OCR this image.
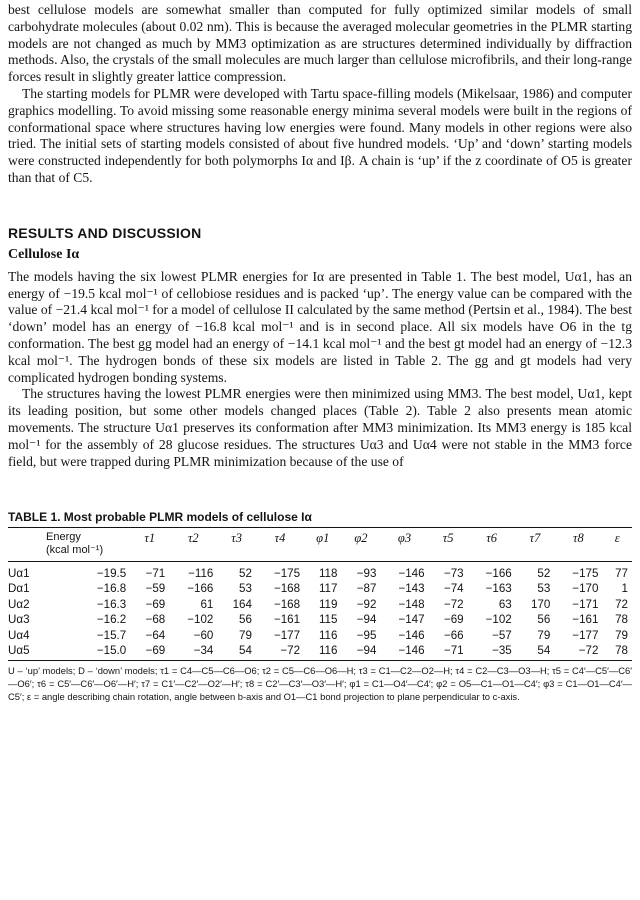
best cellulose models are somewhat smaller than computed for fully optimized similar models of small carbohydrate molecules (about 0.02 nm). This is because the averaged molecular geometries in the PLMR starting models are not changed as much by MM3 optimization as are structures determined individually by diffraction methods. Also, the crystals of the small molecules are much larger than cellulose microfibrils, and their long-range forces result in slightly greater lattice compression.

The starting models for PLMR were developed with Tartu space-filling models (Mikelsaar, 1986) and computer graphics modelling. To avoid missing some reasonable energy minima several models were built in the regions of conformational space where structures having low energies were found. Many models in other regions were also tried. The initial sets of starting models consisted of about five hundred models. ‘Up’ and ‘down’ starting models were constructed independently for both polymorphs Iα and Iβ. A chain is ‘up’ if the z coordinate of O5 is greater than that of C5.

RESULTS AND DISCUSSION
Cellulose Iα

The models having the six lowest PLMR energies for Iα are presented in Table 1. The best model, Uα1, has an energy of −19.5 kcal mol⁻¹ of cellobiose residues and is packed ‘up’. The energy value can be compared with the value of −21.4 kcal mol⁻¹ for a model of cellulose II calculated by the same method (Pertsin et al., 1984). The best ‘down’ model has an energy of −16.8 kcal mol⁻¹ and is in second place. All six models have O6 in the tg conformation. The best gg model had an energy of −14.1 kcal mol⁻¹ and the best gt model had an energy of −12.3 kcal mol⁻¹. The hydrogen bonds of these six models are listed in Table 2. The gg and gt models had very complicated hydrogen bonding systems.

The structures having the lowest PLMR energies were then minimized using MM3. The best model, Uα1, kept its leading position, but some other models changed places (Table 2). Table 2 also presents mean atomic movements. The structure Uα1 preserves its conformation after MM3 minimization. Its MM3 energy is 185 kcal mol⁻¹ for the assembly of 28 glucose residues. The structures Uα3 and Uα4 were not stable in the MM3 force field, but were trapped during PLMR minimization because of the use of

TABLE 1. Most probable PLMR models of cellulose Iα

	Energy
(kcal mol⁻¹)	τ1	τ2	τ3	τ4	φ1	φ2	φ3	τ5	τ6	τ7	τ8	ε
Uα1	−19.5	−71	−116	52	−175	118	−93	−146	−73	−166	52	−175	77
Dα1	−16.8	−59	−166	53	−168	117	−87	−143	−74	−163	53	−170	1
Uα2	−16.3	−69	61	164	−168	119	−92	−148	−72	63	170	−171	72
Uα3	−16.2	−68	−102	56	−161	115	−94	−147	−69	−102	56	−161	78
Uα4	−15.7	−64	−60	79	−177	116	−95	−146	−66	−57	79	−177	79
Uα5	−15.0	−69	−34	54	−72	116	−94	−146	−71	−35	54	−72	78
U – ‘up’ models; D – ‘down’ models; τ1 = C4—C5—C6—O6; τ2 = C5—C6—O6—H; τ3 = C1—C2—O2—H; τ4 = C2—C3—O3—H; τ5 = C4′—C5′—C6′—O6′; τ6 = C5′—C6′—O6′—H′; τ7 = C1′—C2′—O2′—H′; τ8 = C2′—C3′—O3′—H′; φ1 = C1—O4′—C4′; φ2 = O5—C1—O1—C4′; φ3 = C1—O1—C4′—C5′; ε = angle describing chain rotation, angle between b-axis and O1—C1 bond projection to plane perpendicular to c-axis.
